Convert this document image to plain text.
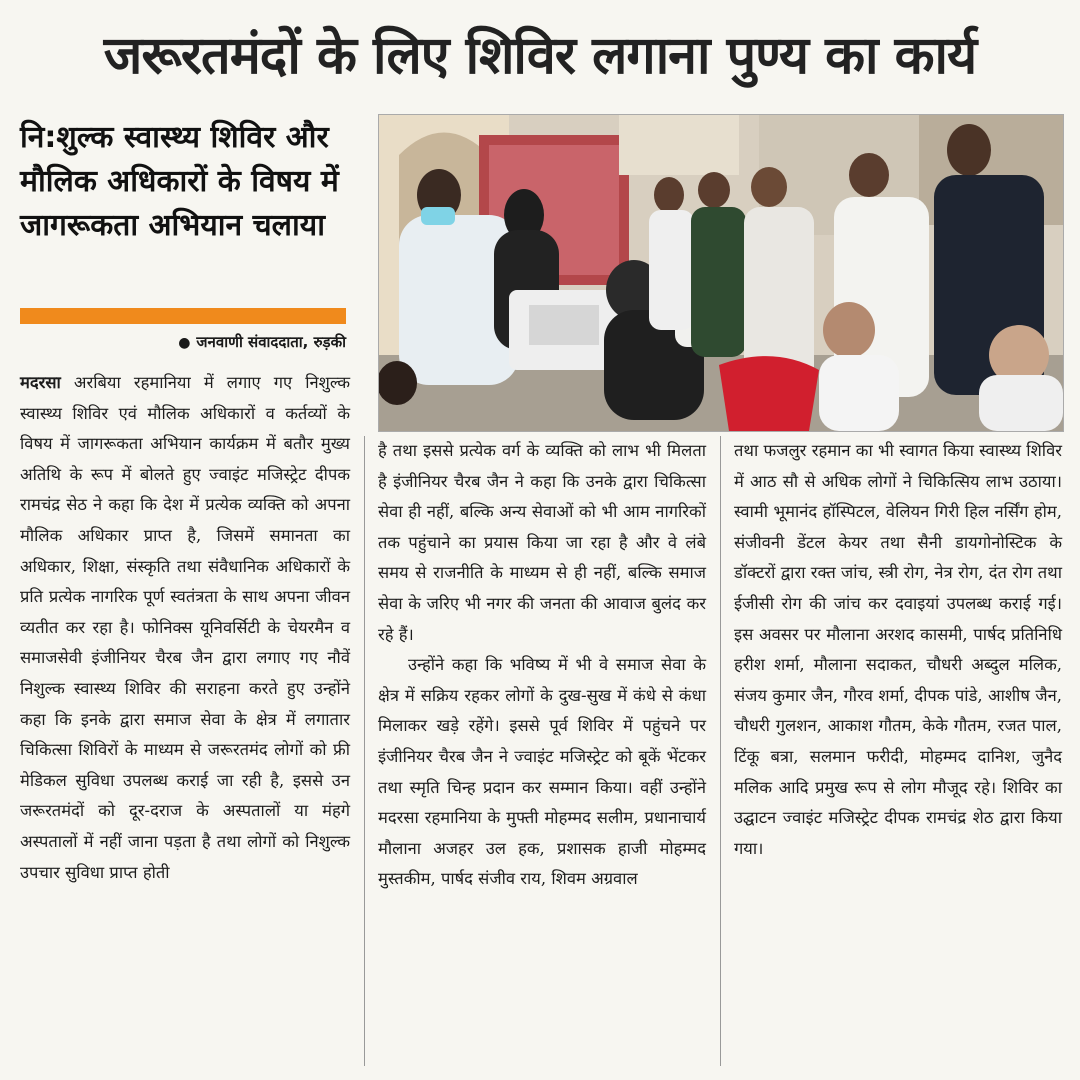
जरूरतमंदों के लिए शिविर लगाना पुण्य का कार्य
नि:शुल्क स्वास्थ्य शिविर और मौलिक अधिकारों के विषय में जागरूकता अभियान चलाया
● जनवाणी संवाददाता, रुड़की

मदरसा अरबिया रहमानिया में लगाए गए निशुल्क स्वास्थ्य शिविर एवं मौलिक अधिकारों व कर्तव्यों के विषय में जागरूकता अभियान कार्यक्रम में बतौर मुख्य अतिथि के रूप में बोलते हुए ज्वाइंट मजिस्ट्रेट दीपक रामचंद्र सेठ ने कहा कि देश में प्रत्येक व्यक्ति को अपना मौलिक अधिकार प्राप्त है, जिसमें समानता का अधिकार, शिक्षा, संस्कृति तथा संवैधानिक अधिकारों के प्रति प्रत्येक नागरिक पूर्ण स्वतंत्रता के साथ अपना जीवन व्यतीत कर रहा है। फोनिक्स यूनिवर्सिटी के चेयरमैन व समाजसेवी इंजीनियर चैरब जैन द्वारा लगाए गए नौवें निशुल्क स्वास्थ्य शिविर की सराहना करते हुए उन्होंने कहा कि इनके द्वारा समाज सेवा के क्षेत्र में लगातार चिकित्सा शिविरों के माध्यम से जरूरतमंद लोगों को फ्री मेडिकल सुविधा उपलब्ध कराई जा रही है, इससे उन जरूरतमंदों को दूर-दराज के अस्पतालों या मंहगे अस्पतालों में नहीं जाना पड़ता है तथा लोगों को निशुल्क उपचार सुविधा प्राप्त होती

है तथा इससे प्रत्येक वर्ग के व्यक्ति को लाभ भी मिलता है इंजीनियर चैरब जैन ने कहा कि उनके द्वारा चिकित्सा सेवा ही नहीं, बल्कि अन्य सेवाओं को भी आम नागरिकों तक पहुंचाने का प्रयास किया जा रहा है और वे लंबे समय से राजनीति के माध्यम से ही नहीं, बल्कि समाज सेवा के जरिए भी नगर की जनता की आवाज बुलंद कर रहे हैं।

उन्होंने कहा कि भविष्य में भी वे समाज सेवा के क्षेत्र में सक्रिय रहकर लोगों के दुख-सुख में कंधे से कंधा मिलाकर खड़े रहेंगे। इससे पूर्व शिविर में पहुंचने पर इंजीनियर चैरब जैन ने ज्वाइंट मजिस्ट्रेट को बूकें भेंटकर तथा स्मृति चिन्ह प्रदान कर सम्मान किया। वहीं उन्होंने मदरसा रहमानिया के मुफ्ती मोहम्मद सलीम, प्रधानाचार्य मौलाना अजहर उल हक, प्रशासक हाजी मोहम्मद मुस्तकीम, पार्षद संजीव राय, शिवम अग्रवाल

तथा फजलुर रहमान का भी स्वागत किया स्वास्थ्य शिविर में आठ सौ से अधिक लोगों ने चिकित्सिय लाभ उठाया। स्वामी भूमानंद हॉस्पिटल, वेलियन गिरी हिल नर्सिंग होम, संजीवनी डेंटल केयर तथा सैनी डायगोनोस्टिक के डॉक्टरों द्वारा रक्त जांच, स्त्री रोग, नेत्र रोग, दंत रोग तथा ईजीसी रोग की जांच कर दवाइयां उपलब्ध कराई गई। इस अवसर पर मौलाना अरशद कासमी, पार्षद प्रतिनिधि हरीश शर्मा, मौलाना सदाकत, चौधरी अब्दुल मलिक, संजय कुमार जैन, गौरव शर्मा, दीपक पांडे, आशीष जैन, चौधरी गुलशन, आकाश गौतम, केके गौतम, रजत पाल, टिंकू बत्रा, सलमान फरीदी, मोहम्मद दानिश, जुनैद मलिक आदि प्रमुख रूप से लोग मौजूद रहे। शिविर का उद्घाटन ज्वाइंट मजिस्ट्रेट दीपक रामचंद्र शेठ द्वारा किया गया।
